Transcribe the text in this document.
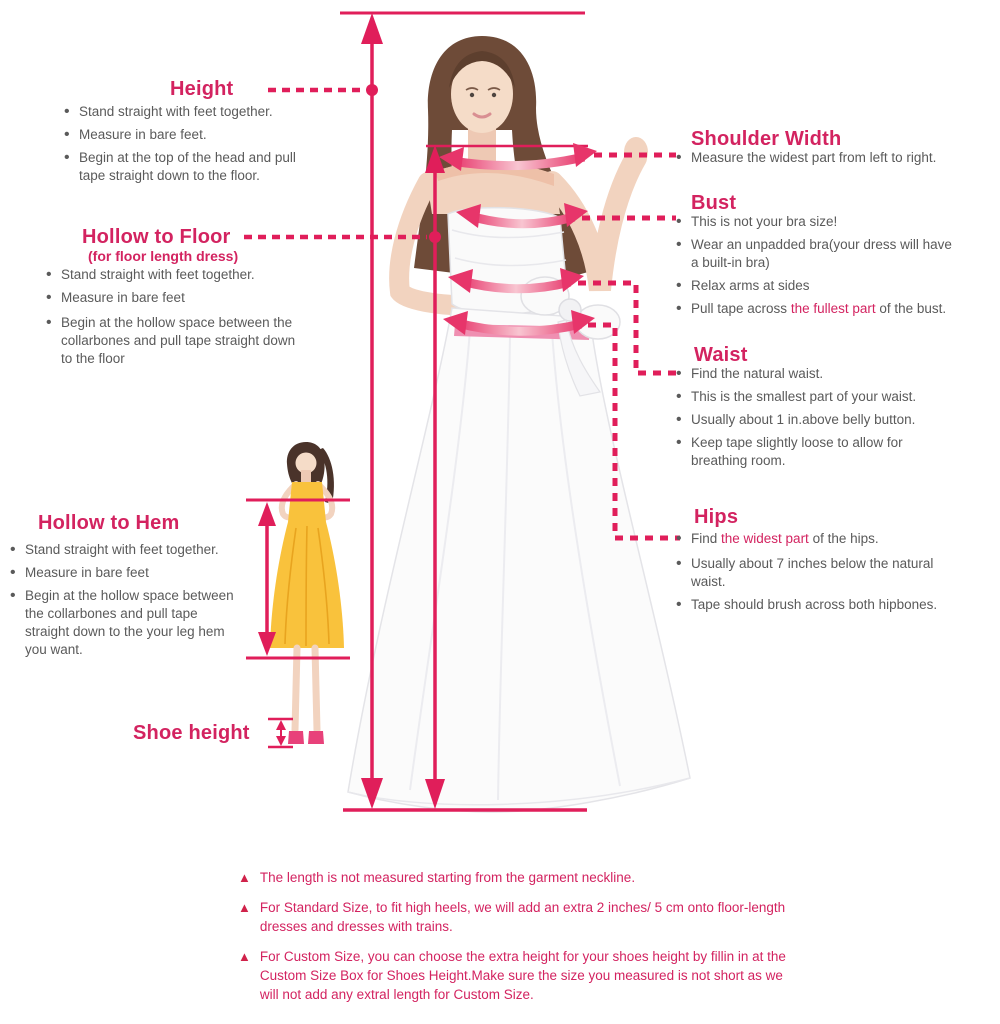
Height
•
Stand straight with feet together.
•
Measure in bare feet.
•
Begin at the top of the head and pull tape straight down to the floor.
Hollow to Floor
(for floor length dress)
•
Stand straight with feet together.
•
Measure in bare feet
•
Begin at the hollow space between the collarbones and pull tape straight down to the floor
Hollow to Hem
•
Stand straight with feet together.
•
Measure in bare feet
•
Begin at the hollow space between the collarbones and pull tape straight down to the your leg hem you want.
Shoe height
Shoulder Width
•
Measure the widest part from left to right.
Bust
•
This is not your bra size!
•
Wear an unpadded bra(your dress will have a built-in bra)
•
Relax arms at sides
•
Pull tape across the fullest part of the bust.
Waist
•
Find the natural waist.
•
This is the smallest part of your waist.
•
Usually about 1 in.above belly button.
•
Keep tape slightly loose to allow for breathing room.
Hips
•
Find the widest part of the hips.
•
Usually about 7 inches below the natural waist.
•
Tape should brush across both hipbones.
▲
The length is not measured starting from the garment neckline.
▲
For Standard Size, to fit high heels, we will add an extra 2 inches/ 5 cm onto floor-length dresses and dresses with trains.
▲
For Custom Size, you can choose the extra height for your shoes height by fillin in at the Custom Size Box for Shoes Height.Make sure the size you measured is not short as we will not add any extral length for Custom Size.
